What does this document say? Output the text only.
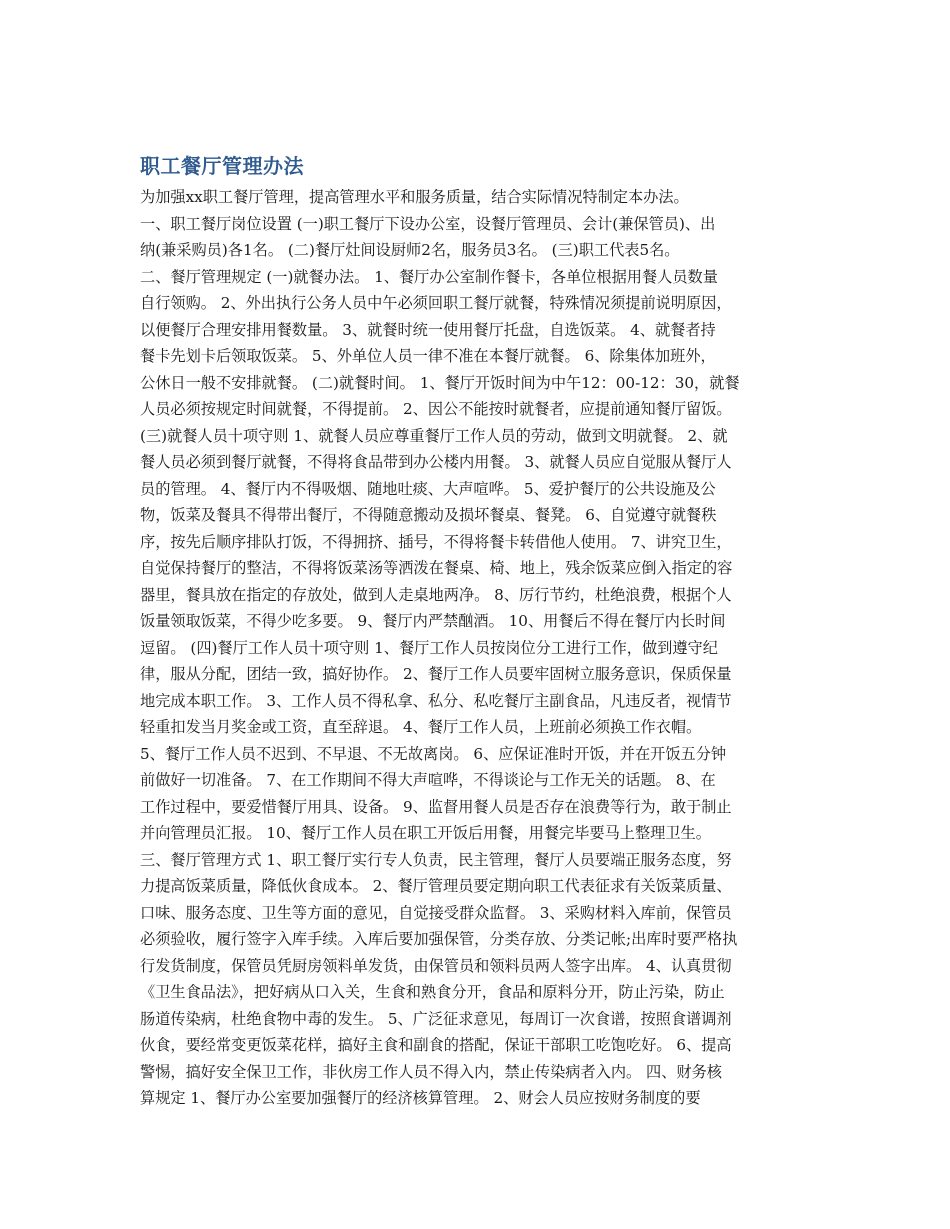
职工餐厅管理办法

为加强xx职工餐厅管理，提高管理水平和服务质量，结合实际情况特制定本办法。

一、职工餐厅岗位设置 (一)职工餐厅下设办公室，设餐厅管理员、会计(兼保管员)、出

纳(兼采购员)各1名。 (二)餐厅灶间设厨师2名，服务员3名。 (三)职工代表5名。

二、餐厅管理规定 (一)就餐办法。 1、餐厅办公室制作餐卡，各单位根据用餐人员数量

自行领购。 2、外出执行公务人员中午必须回职工餐厅就餐，特殊情况须提前说明原因，

以便餐厅合理安排用餐数量。 3、就餐时统一使用餐厅托盘，自选饭菜。 4、就餐者持

餐卡先划卡后领取饭菜。 5、外单位人员一律不准在本餐厅就餐。 6、除集体加班外，

公休日一般不安排就餐。 (二)就餐时间。 1、餐厅开饭时间为中午12：00-12：30，就餐

人员必须按规定时间就餐，不得提前。 2、因公不能按时就餐者，应提前通知餐厅留饭。

(三)就餐人员十项守则 1、就餐人员应尊重餐厅工作人员的劳动，做到文明就餐。 2、就

餐人员必须到餐厅就餐，不得将食品带到办公楼内用餐。 3、就餐人员应自觉服从餐厅人

员的管理。 4、餐厅内不得吸烟、随地吐痰、大声喧哗。 5、爱护餐厅的公共设施及公

物，饭菜及餐具不得带出餐厅，不得随意搬动及损坏餐桌、餐凳。 6、自觉遵守就餐秩

序，按先后顺序排队打饭，不得拥挤、插号，不得将餐卡转借他人使用。 7、讲究卫生，

自觉保持餐厅的整洁，不得将饭菜汤等洒泼在餐桌、椅、地上，残余饭菜应倒入指定的容

器里，餐具放在指定的存放处，做到人走桌地两净。 8、厉行节约，杜绝浪费，根据个人

饭量领取饭菜，不得少吃多要。 9、餐厅内严禁酗酒。 10、用餐后不得在餐厅内长时间

逗留。 (四)餐厅工作人员十项守则 1、餐厅工作人员按岗位分工进行工作，做到遵守纪

律，服从分配，团结一致，搞好协作。 2、餐厅工作人员要牢固树立服务意识，保质保量

地完成本职工作。 3、工作人员不得私拿、私分、私吃餐厅主副食品，凡违反者，视情节

轻重扣发当月奖金或工资，直至辞退。 4、餐厅工作人员，上班前必须换工作衣帽。

5、餐厅工作人员不迟到、不早退、不无故离岗。 6、应保证准时开饭，并在开饭五分钟

前做好一切准备。 7、在工作期间不得大声喧哗，不得谈论与工作无关的话题。 8、在

工作过程中，要爱惜餐厅用具、设备。 9、监督用餐人员是否存在浪费等行为，敢于制止

并向管理员汇报。 10、餐厅工作人员在职工开饭后用餐，用餐完毕要马上整理卫生。

三、餐厅管理方式 1、职工餐厅实行专人负责，民主管理，餐厅人员要端正服务态度，努

力提高饭菜质量，降低伙食成本。 2、餐厅管理员要定期向职工代表征求有关饭菜质量、

口味、服务态度、卫生等方面的意见，自觉接受群众监督。 3、采购材料入库前，保管员

必须验收，履行签字入库手续。入库后要加强保管，分类存放、分类记帐;出库时要严格执

行发货制度，保管员凭厨房领料单发货，由保管员和领料员两人签字出库。 4、认真贯彻

《卫生食品法》，把好病从口入关，生食和熟食分开，食品和原料分开，防止污染，防止

肠道传染病，杜绝食物中毒的发生。 5、广泛征求意见，每周订一次食谱，按照食谱调剂

伙食，要经常变更饭菜花样，搞好主食和副食的搭配，保证干部职工吃饱吃好。 6、提高

警惕，搞好安全保卫工作，非伙房工作人员不得入内，禁止传染病者入内。 四、财务核

算规定 1、餐厅办公室要加强餐厅的经济核算管理。 2、财会人员应按财务制度的要
